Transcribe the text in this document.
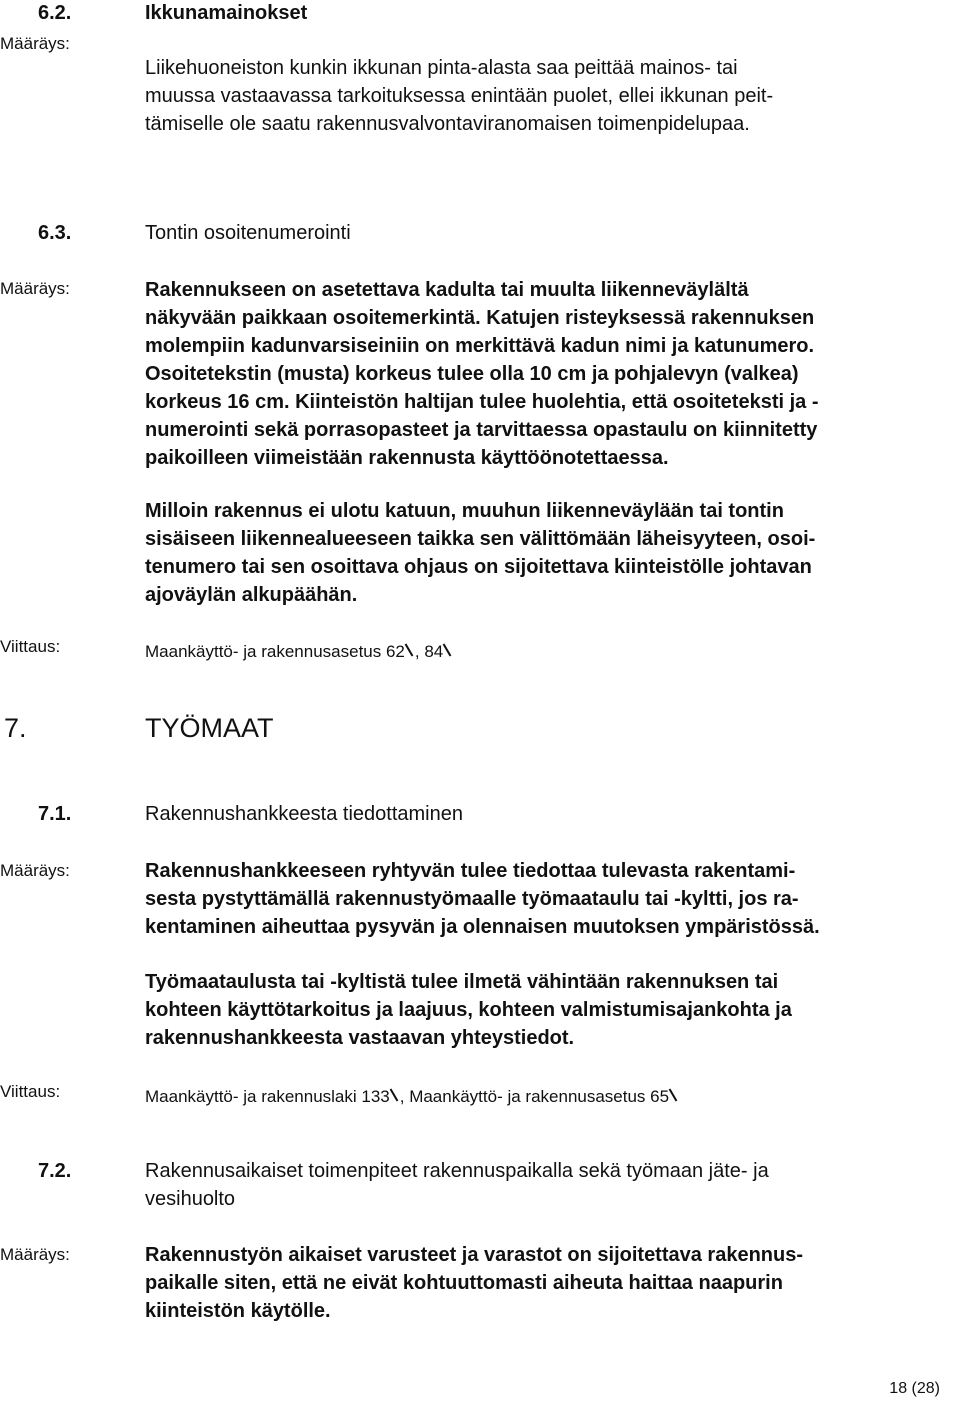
6.2.	Ikkunamainokset
Määräys:
Liikehuoneiston kunkin ikkunan pinta-alasta saa peittää mainos- tai
muussa vastaavassa tarkoituksessa enintään puolet, ellei ikkunan peit-
tämiselle ole saatu rakennusvalvontaviranomaisen toimenpidelupaa.
6.3.	Tontin osoitenumerointi
Määräys:	Rakennukseen on asetettava kadulta tai muulta liikenneväylältä
näkyvään paikkaan osoitemerkintä. Katujen risteyksessä rakennuksen
molempiin kadunvarsiseiniin on merkittävä kadun nimi ja katunumero.
Osoitetekstin (musta) korkeus tulee olla 10 cm ja pohjalevyn (valkea)
korkeus 16 cm. Kiinteistön haltijan tulee huolehtia, että osoiteteksti ja -
numerointi sekä porrasopasteet ja tarvittaessa opastaulu on kiinnitetty
paikoilleen viimeistään rakennusta käyttöönotettaessa.
Milloin rakennus ei ulotu katuun, muuhun liikenneväylään tai tontin
sisäiseen liikennealueeseen taikka sen välittömään läheisyyteen, osoi-
tenumero tai sen osoittava ohjaus on sijoitettava kiinteistölle johtavan
ajoväylän alkupäähän.
Viittaus:	Maankäyttö- ja rakennusasetus 62 , 84
7.	TYÖMAAT
7.1.	Rakennushankkeesta tiedottaminen
Määräys:	Rakennushankkeeseen ryhtyvän tulee tiedottaa tulevasta rakentami-
sesta pystyttämällä rakennustyömaalle työmaataulu tai -kyltti, jos ra-
kentaminen aiheuttaa pysyvän ja olennaisen muutoksen ympäristössä.
Työmaataulusta tai -kyltistä tulee ilmetä vähintään rakennuksen tai
kohteen käyttötarkoitus ja laajuus, kohteen valmistumisajankohta ja
rakennushankkeesta vastaavan yhteystiedot.
Viittaus:	Maankäyttö- ja rakennuslaki 133 , Maankäyttö- ja rakennusasetus 65
7.2.	Rakennusaikaiset toimenpiteet rakennuspaikalla sekä työmaan jäte- ja
vesihuolto
Määräys:	Rakennustyön aikaiset varusteet ja varastot on sijoitettava rakennus-
paikalle siten, että ne eivät kohtuuttomasti aiheuta haittaa naapurin
kiinteistön käytölle.
18 (28)
